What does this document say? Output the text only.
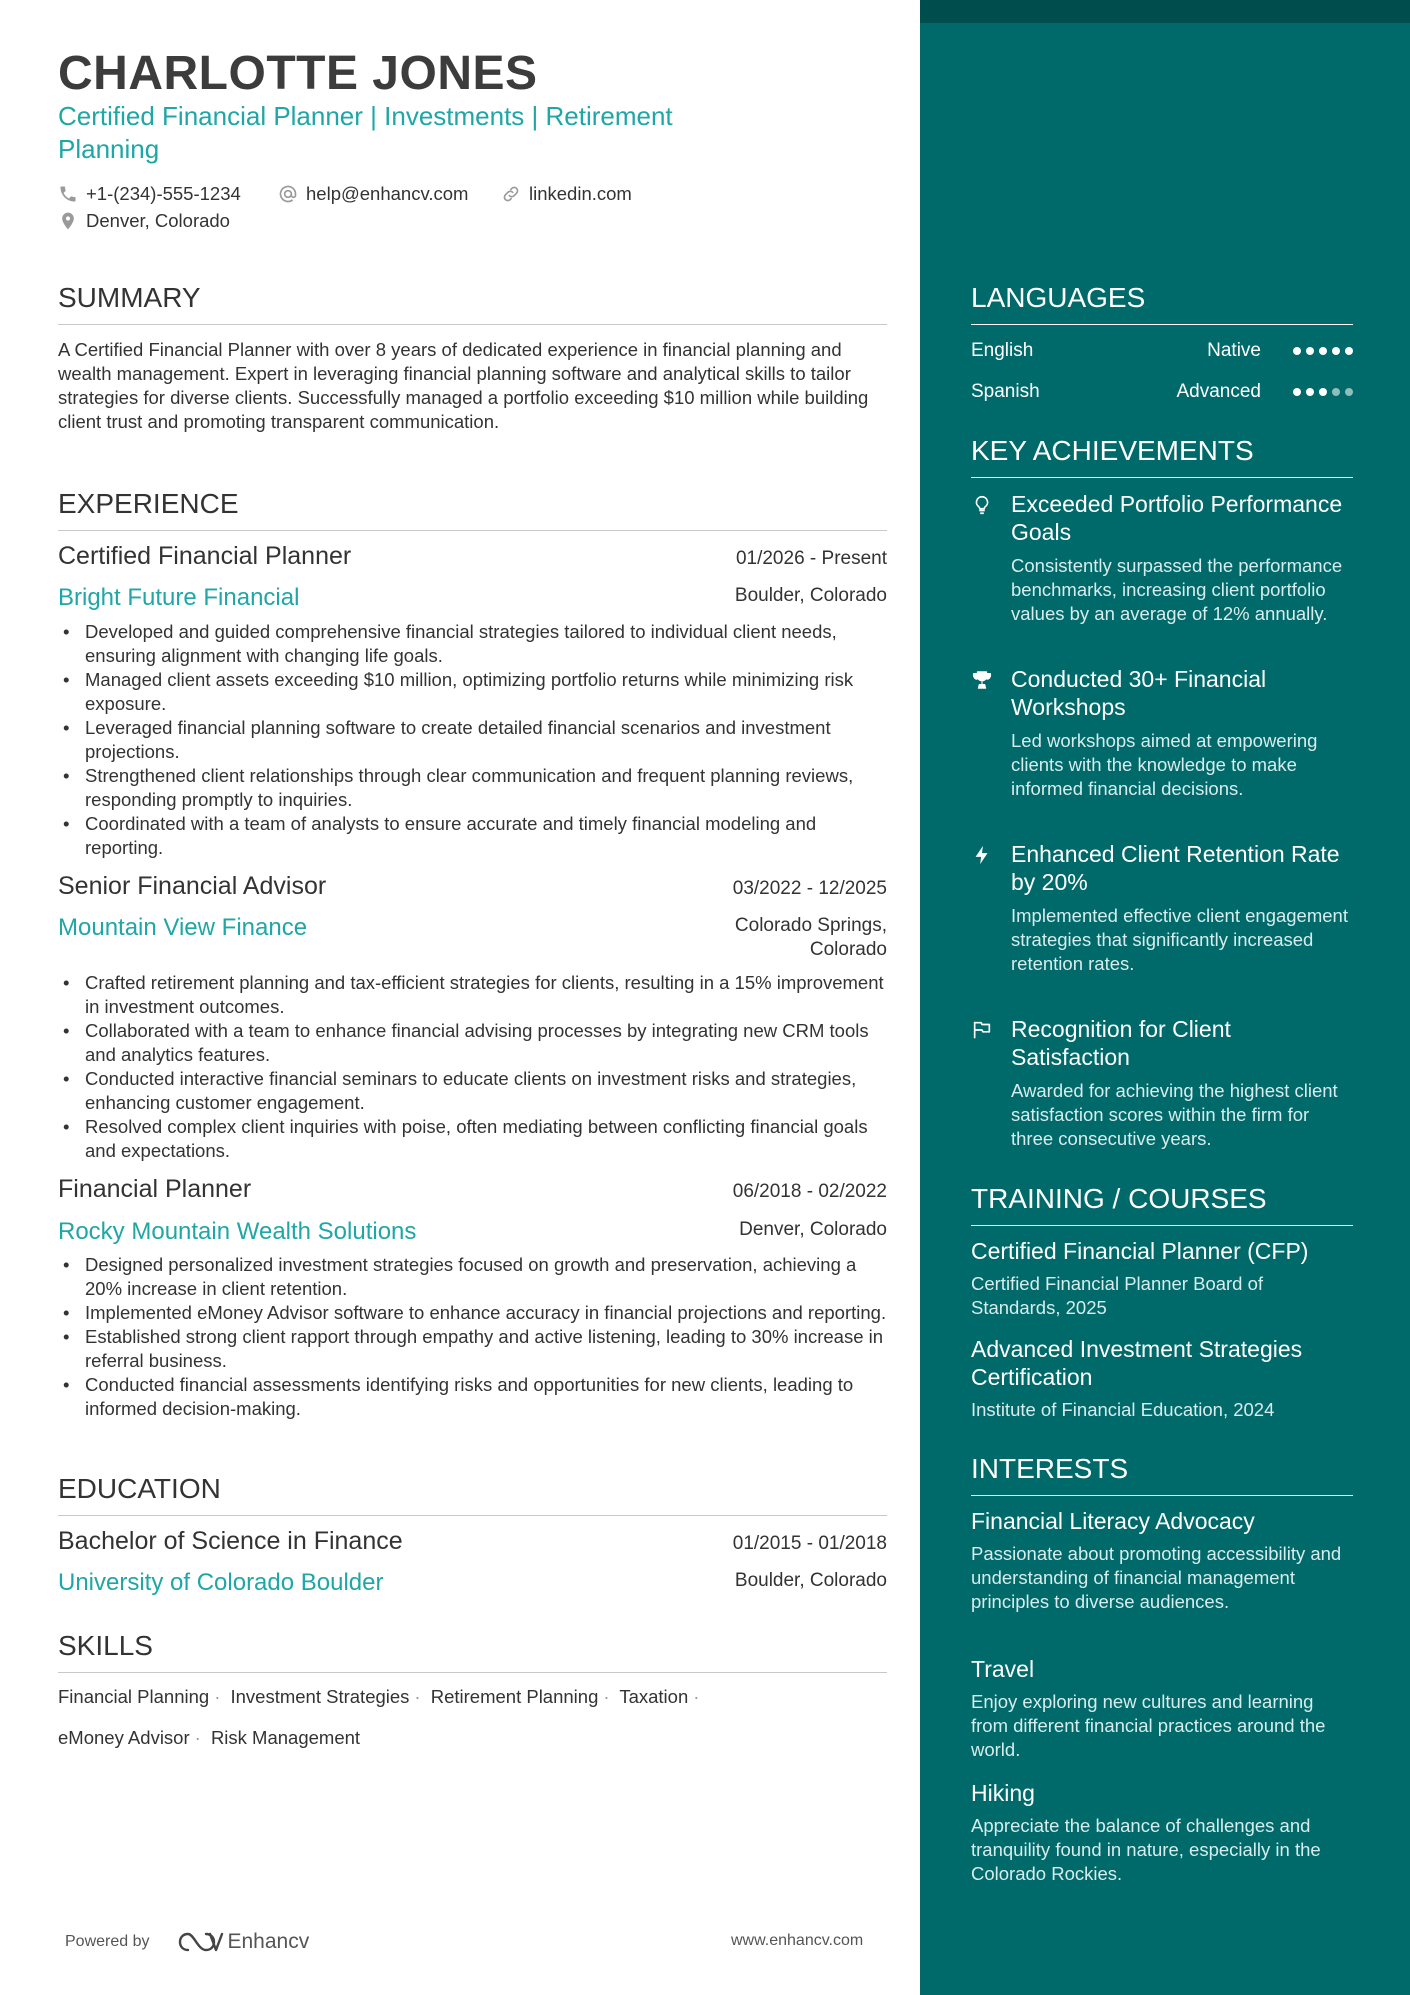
CHARLOTTE JONES
Certified Financial Planner | Investments | Retirement Planning
+1-(234)-555-1234	help@enhancv.com	linkedin.com
Denver, Colorado
SUMMARY
A Certified Financial Planner with over 8 years of dedicated experience in financial planning and wealth management. Expert in leveraging financial planning software and analytical skills to tailor strategies for diverse clients. Successfully managed a portfolio exceeding $10 million while building client trust and promoting transparent communication.
EXPERIENCE
Certified Financial Planner	01/2026 - Present
Bright Future Financial	Boulder, Colorado
• Developed and guided comprehensive financial strategies tailored to individual client needs, ensuring alignment with changing life goals.
• Managed client assets exceeding $10 million, optimizing portfolio returns while minimizing risk exposure.
• Leveraged financial planning software to create detailed financial scenarios and investment projections.
• Strengthened client relationships through clear communication and frequent planning reviews, responding promptly to inquiries.
• Coordinated with a team of analysts to ensure accurate and timely financial modeling and reporting.
Senior Financial Advisor	03/2022 - 12/2025
Mountain View Finance	Colorado Springs, Colorado
• Crafted retirement planning and tax-efficient strategies for clients, resulting in a 15% improvement in investment outcomes.
• Collaborated with a team to enhance financial advising processes by integrating new CRM tools and analytics features.
• Conducted interactive financial seminars to educate clients on investment risks and strategies, enhancing customer engagement.
• Resolved complex client inquiries with poise, often mediating between conflicting financial goals and expectations.
Financial Planner	06/2018 - 02/2022
Rocky Mountain Wealth Solutions	Denver, Colorado
• Designed personalized investment strategies focused on growth and preservation, achieving a 20% increase in client retention.
• Implemented eMoney Advisor software to enhance accuracy in financial projections and reporting.
• Established strong client rapport through empathy and active listening, leading to 30% increase in referral business.
• Conducted financial assessments identifying risks and opportunities for new clients, leading to informed decision-making.
EDUCATION
Bachelor of Science in Finance	01/2015 - 01/2018
University of Colorado Boulder	Boulder, Colorado
SKILLS
Financial Planning · Investment Strategies · Retirement Planning · Taxation ·
eMoney Advisor · Risk Management
Powered by	Enhancv	www.enhancv.com
LANGUAGES
English	Native
Spanish	Advanced
KEY ACHIEVEMENTS
Exceeded Portfolio Performance Goals
Consistently surpassed the performance benchmarks, increasing client portfolio values by an average of 12% annually.
Conducted 30+ Financial Workshops
Led workshops aimed at empowering clients with the knowledge to make informed financial decisions.
Enhanced Client Retention Rate by 20%
Implemented effective client engagement strategies that significantly increased retention rates.
Recognition for Client Satisfaction
Awarded for achieving the highest client satisfaction scores within the firm for three consecutive years.
TRAINING / COURSES
Certified Financial Planner (CFP)
Certified Financial Planner Board of Standards, 2025
Advanced Investment Strategies Certification
Institute of Financial Education, 2024
INTERESTS
Financial Literacy Advocacy
Passionate about promoting accessibility and understanding of financial management principles to diverse audiences.
Travel
Enjoy exploring new cultures and learning from different financial practices around the world.
Hiking
Appreciate the balance of challenges and tranquility found in nature, especially in the Colorado Rockies.
